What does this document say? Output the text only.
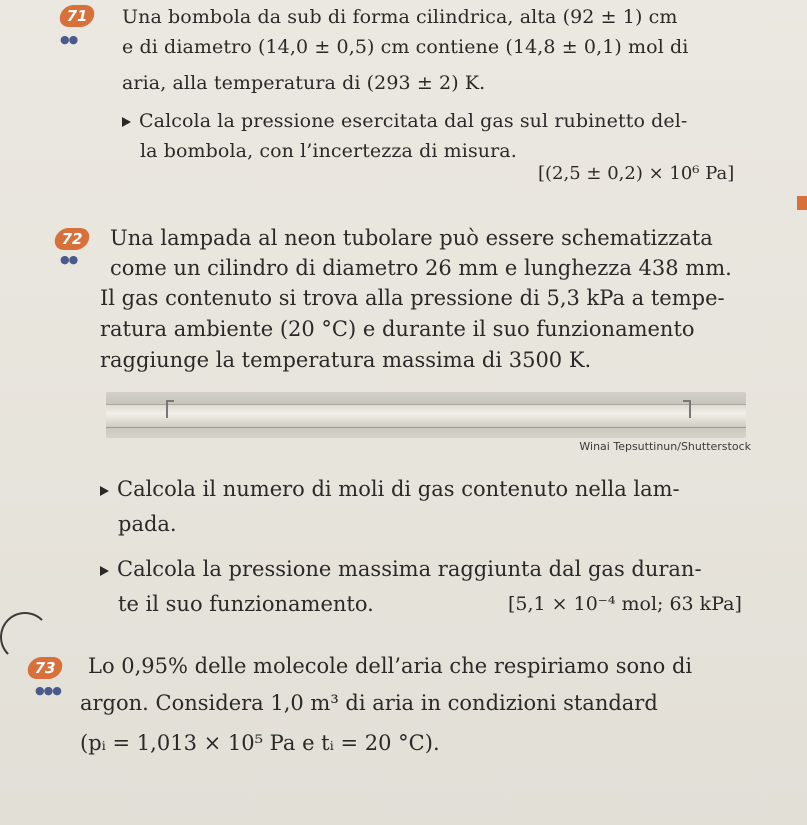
71
●●
Una bombola da sub di forma cilindrica, alta (92 ± 1) cm
e di diametro (14,0 ± 0,5) cm contiene (14,8 ± 0,1) mol di
aria, alla temperatura di (293 ± 2) K.
Calcola la pressione esercitata dal gas sul rubinetto del-
la bombola, con l’incertezza di misura.
[(2,5 ± 0,2) × 10⁶ Pa]
72
●●
Una lampada al neon tubolare può essere schematizzata
come un cilindro di diametro 26 mm e lunghezza 438 mm.
Il gas contenuto si trova alla pressione di 5,3 kPa a tempe-
ratura ambiente (20 °C) e durante il suo funzionamento
raggiunge la temperatura massima di 3500 K.
Winai Tepsuttinun/Shutterstock
Calcola il numero di moli di gas contenuto nella lam-
pada.
Calcola la pressione massima raggiunta dal gas duran-
te il suo funzionamento.	[5,1 × 10⁻⁴ mol; 63 kPa]
73
●●●
Lo 0,95% delle molecole dell’aria che respiriamo sono di
argon. Considera 1,0 m³ di aria in condizioni standard
(pᵢ = 1,013 × 10⁵ Pa e tᵢ = 20 °C).
